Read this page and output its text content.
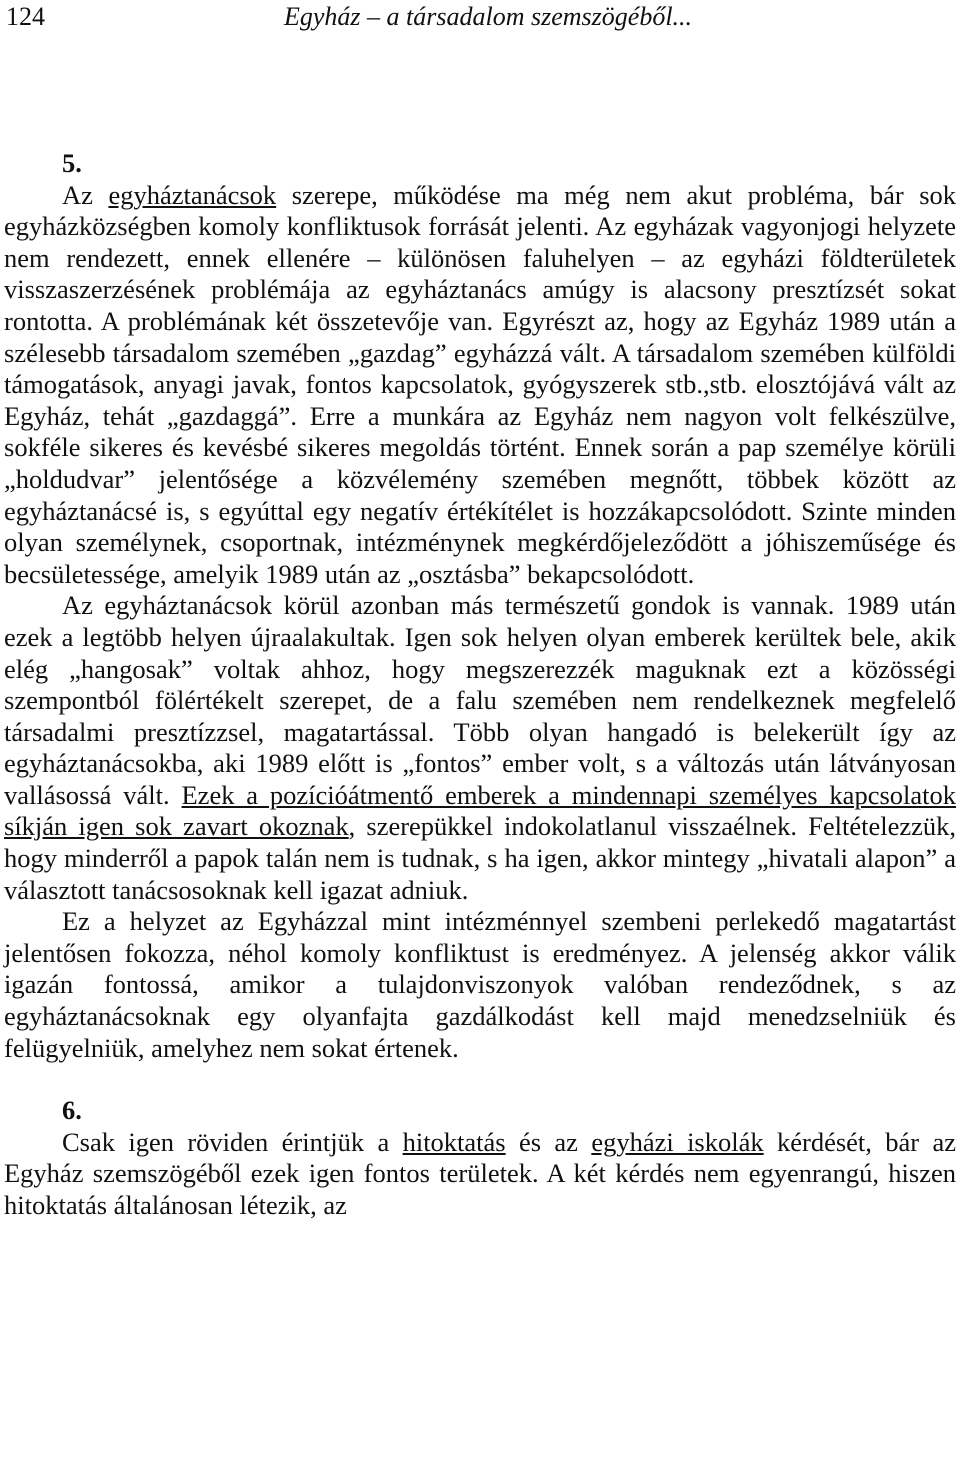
124	Egyház – a társadalom szemszögéből...

5.

Az egyháztanácsok szerepe, működése ma még nem akut probléma, bár sok egyházközségben komoly konfliktusok forrását jelenti. Az egyházak vagyonjogi helyzete nem rendezett, ennek ellenére – különösen faluhelyen – az egyházi földterületek visszaszerzésének problémája az egyháztanács amúgy is alacsony presztízsét sokat rontotta. A problémának két összetevője van. Egyrészt az, hogy az Egyház 1989 után a szélesebb társadalom szemében „gazdag” egyházzá vált. A társadalom szemében külföldi támogatások, anyagi javak, fontos kapcsolatok, gyógyszerek stb.,stb. elosztójává vált az Egyház, tehát „gazdaggá”. Erre a munkára az Egyház nem nagyon volt felkészülve, sokféle sikeres és kevésbé sikeres megoldás történt. Ennek során a pap személye körüli „holdudvar” jelentősége a közvélemény szemében megnőtt, többek között az egyháztanácsé is, s egyúttal egy negatív értékítélet is hozzákapcsolódott. Szinte minden olyan személynek, csoportnak, intézménynek megkérdőjeleződött a jóhiszeműsége és becsületessége, amelyik 1989 után az „osztásba” bekapcsolódott.

Az egyháztanácsok körül azonban más természetű gondok is vannak. 1989 után ezek a legtöbb helyen újraalakultak. Igen sok helyen olyan emberek kerültek bele, akik elég „hangosak” voltak ahhoz, hogy megszerezzék maguknak ezt a közösségi szempontból fölértékelt szerepet, de a falu szemében nem rendelkeznek megfelelő társadalmi presztízzsel, magatartással. Több olyan hangadó is belekerült így az egyháztanácsokba, aki 1989 előtt is „fontos” ember volt, s a változás után látványosan vallásossá vált. Ezek a pozícióátmentő emberek a mindennapi személyes kapcsolatok síkján igen sok zavart okoznak, szerepükkel indokolatlanul visszaélnek. Feltételezzük, hogy minderről a papok talán nem is tudnak, s ha igen, akkor mintegy „hivatali alapon” a választott tanácsosoknak kell igazat adniuk.

Ez a helyzet az Egyházzal mint intézménnyel szembeni perlekedő magatartást jelentősen fokozza, néhol komoly konfliktust is eredményez. A jelenség akkor válik igazán fontossá, amikor a tulajdonviszonyok valóban rendeződnek, s az egyháztanácsoknak egy olyanfajta gazdálkodást kell majd menedzselniük és felügyelniük, amelyhez nem sokat értenek.

6.

Csak igen röviden érintjük a hitoktatás és az egyházi iskolák kérdését, bár az Egyház szemszögéből ezek igen fontos területek. A két kérdés nem egyenrangú, hiszen hitoktatás általánosan létezik, az
